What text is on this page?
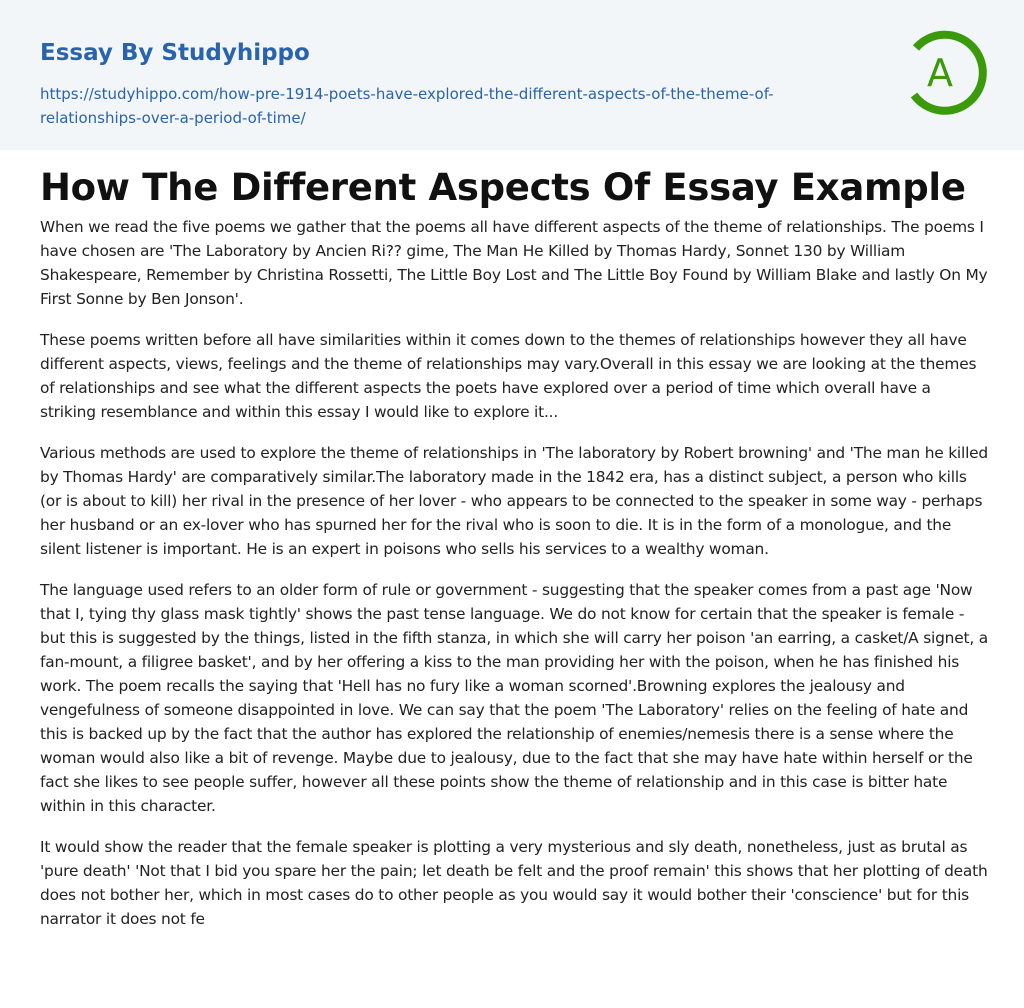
Essay By Studyhippo
https://studyhippo.com/how-pre-1914-poets-have-explored-the-different-aspects-of-the-theme-of-relationships-over-a-period-of-time/
A
How The Different Aspects Of Essay Example

When we read the five poems we gather that the poems all have different aspects of the theme of relationships. The poems I have chosen are 'The Laboratory by Ancien Ri?? gime, The Man He Killed by Thomas Hardy, Sonnet 130 by William Shakespeare, Remember by Christina Rossetti, The Little Boy Lost and The Little Boy Found by William Blake and lastly On My First Sonne by Ben Jonson'.

These poems written before all have similarities within it comes down to the themes of relationships however they all have different aspects, views, feelings and the theme of relationships may vary.Overall in this essay we are looking at the themes of relationships and see what the different aspects the poets have explored over a period of time which overall have a striking resemblance and within this essay I would like to explore it...

Various methods are used to explore the theme of relationships in 'The laboratory by Robert browning' and 'The man he killed by Thomas Hardy' are comparatively similar.The laboratory made in the 1842 era, has a distinct subject, a person who kills (or is about to kill) her rival in the presence of her lover - who appears to be connected to the speaker in some way - perhaps her husband or an ex-lover who has spurned her for the rival who is soon to die. It is in the form of a monologue, and the silent listener is important. He is an expert in poisons who sells his services to a wealthy woman.

The language used refers to an older form of rule or government - suggesting that the speaker comes from a past age 'Now that I, tying thy glass mask tightly' shows the past tense language. We do not know for certain that the speaker is female - but this is suggested by the things, listed in the fifth stanza, in which she will carry her poison 'an earring, a casket/A signet, a fan-mount, a filigree basket', and by her offering a kiss to the man providing her with the poison, when he has finished his work. The poem recalls the saying that 'Hell has no fury like a woman scorned'.Browning explores the jealousy and vengefulness of someone disappointed in love. We can say that the poem 'The Laboratory' relies on the feeling of hate and this is backed up by the fact that the author has explored the relationship of enemies/nemesis there is a sense where the woman would also like a bit of revenge. Maybe due to jealousy, due to the fact that she may have hate within herself or the fact she likes to see people suffer, however all these points show the theme of relationship and in this case is bitter hate within in this character.

It would show the reader that the female speaker is plotting a very mysterious and sly death, nonetheless, just as brutal as 'pure death' 'Not that I bid you spare her the pain; let death be felt and the proof remain' this shows that her plotting of death does not bother her, which in most cases do to other people as you would say it would bother their 'conscience' but for this narrator it does not fe
